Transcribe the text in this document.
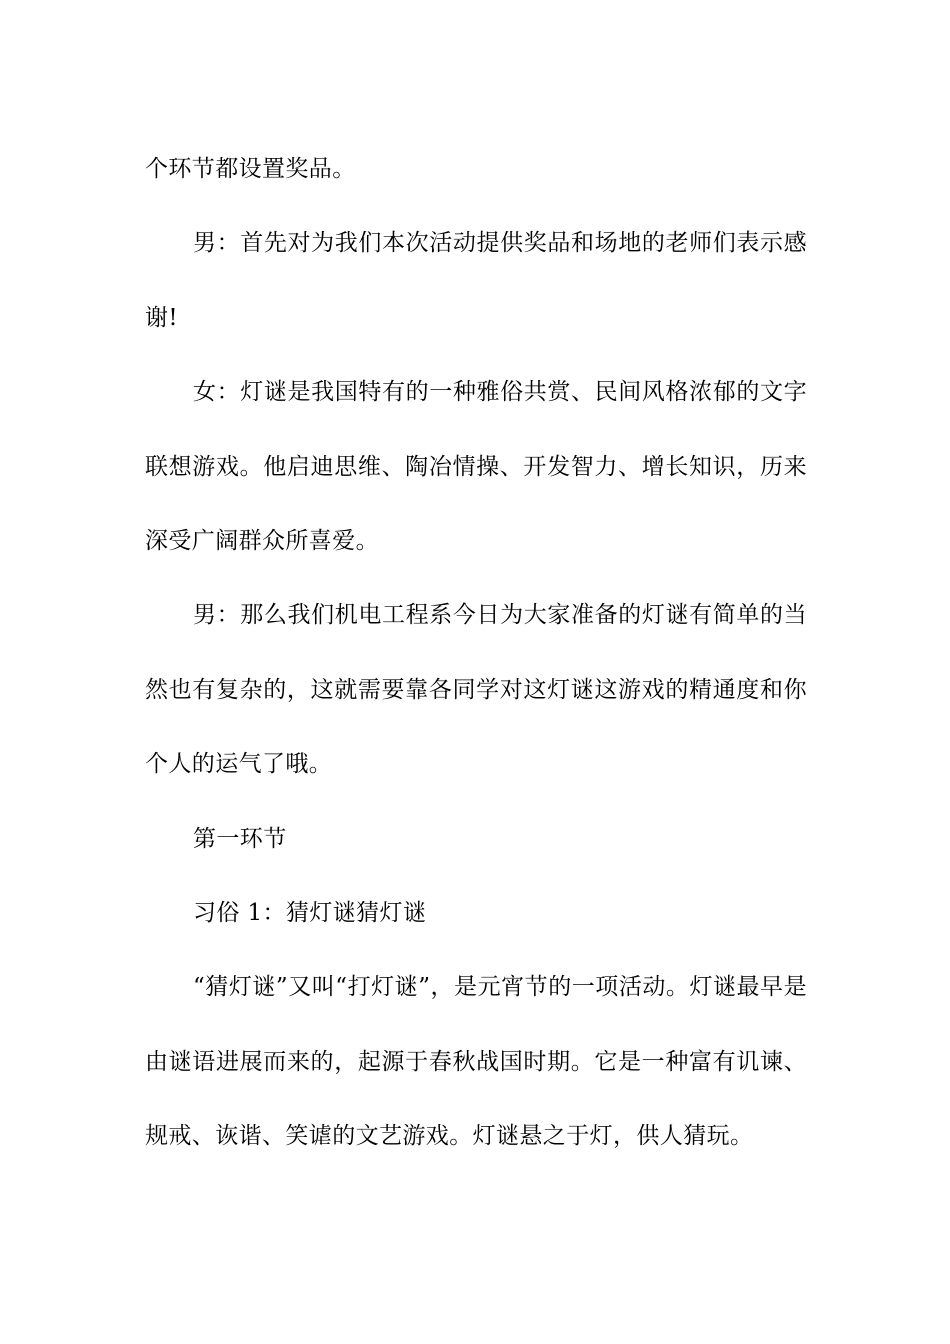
个环节都设置奖品。

男：首先对为我们本次活动提供奖品和场地的老师们表示感谢!

女：灯谜是我国特有的一种雅俗共赏、民间风格浓郁的文字联想游戏。他启迪思维、陶冶情操、开发智力、增长知识，历来深受广阔群众所喜爱。

男：那么我们机电工程系今日为大家准备的灯谜有简单的当然也有复杂的，这就需要靠各同学对这灯谜这游戏的精通度和你个人的运气了哦。

第一环节

习俗 1：猜灯谜猜灯谜

“猜灯谜”又叫“打灯谜”，是元宵节的一项活动。灯谜最早是由谜语进展而来的，起源于春秋战国时期。它是一种富有讥谏、规戒、诙谐、笑谑的文艺游戏。灯谜悬之于灯，供人猜玩。
